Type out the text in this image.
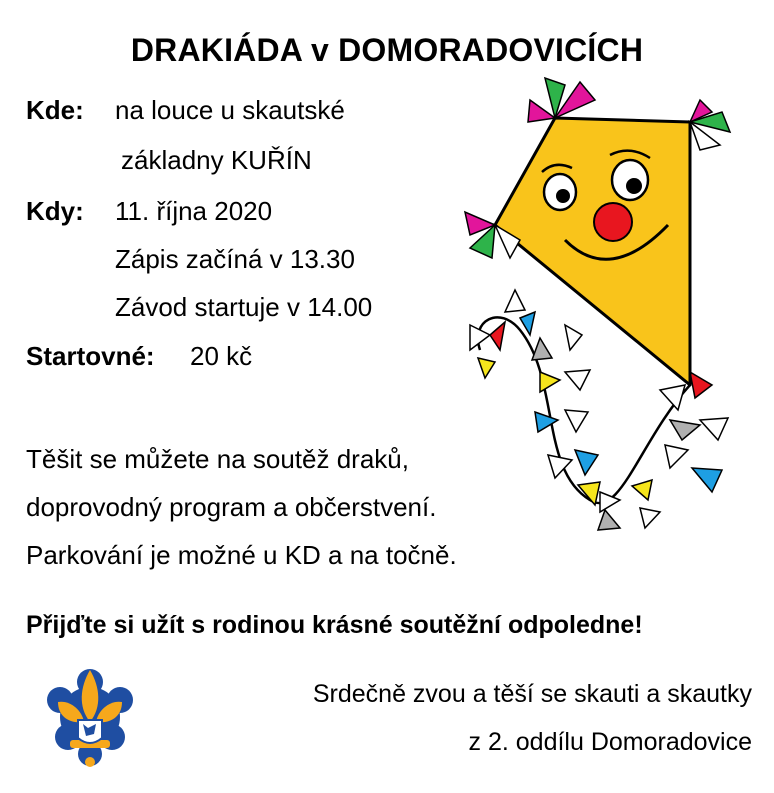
DRAKIÁDA v DOMORADOVICÍCH
Kde: na louce u skautské
základny KUŘÍN
Kdy: 11. října 2020
Zápis začíná v 13.30
Závod startuje v 14.00
Startovné: 20 kč
Těšit se můžete na soutěž draků,
doprovodný program a občerstvení.
Parkování je možné u KD a na točně.
Přijďte si užít s rodinou krásné soutěžní odpoledne!
Srdečně zvou a těší se skauti a skautky
z 2. oddílu Domoradovice
